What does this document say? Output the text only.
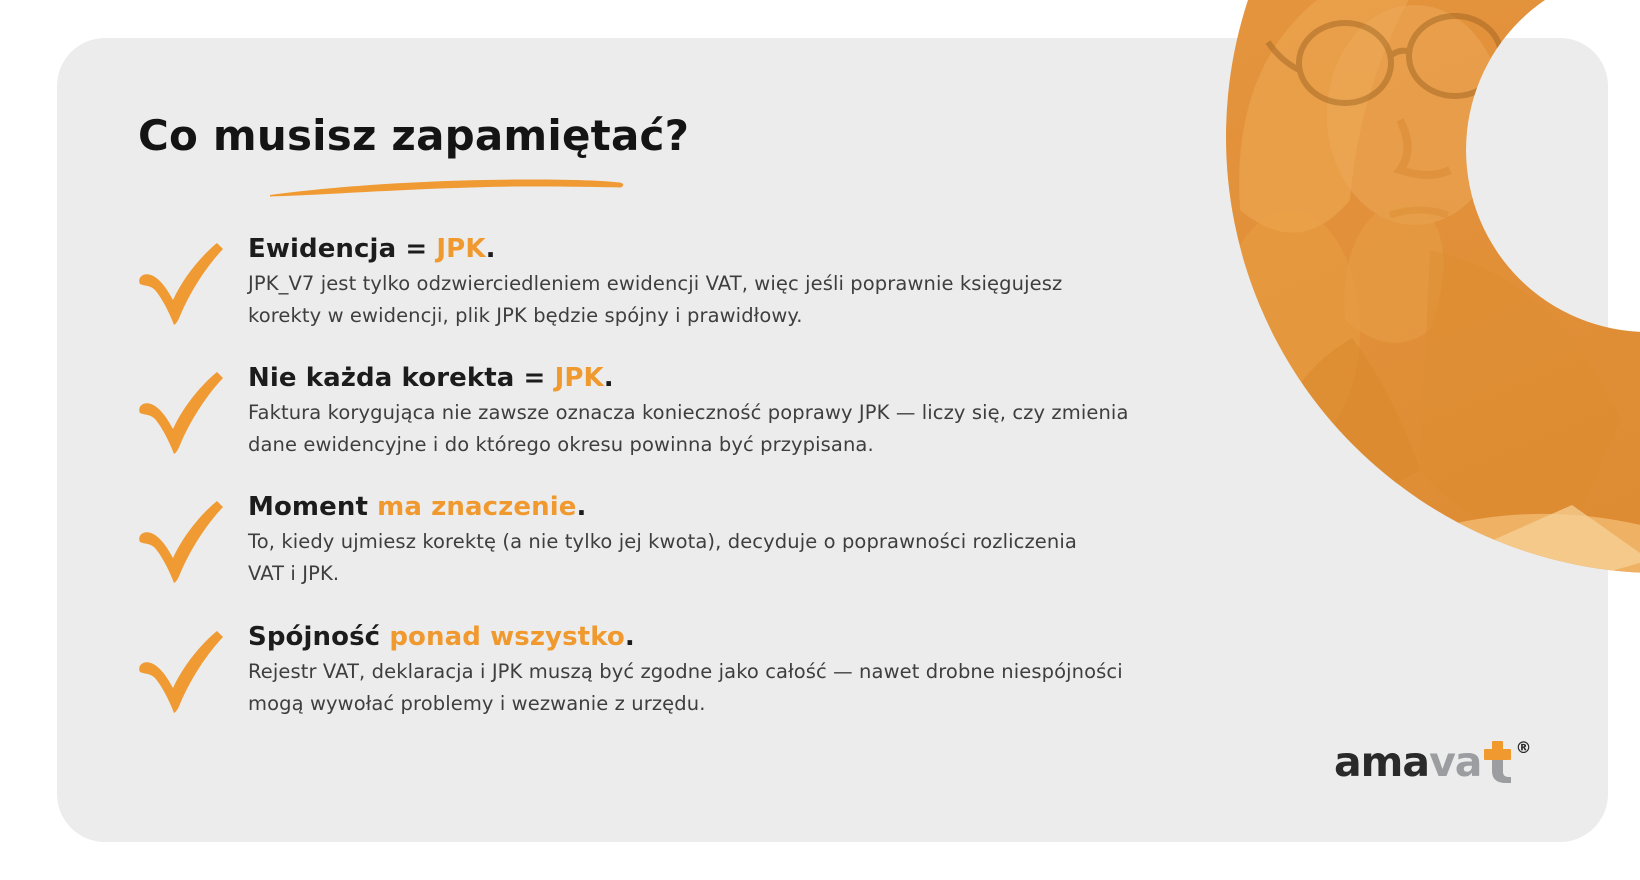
Co musisz zapamiętać?
Ewidencja = JPK.
JPK_V7 jest tylko odzwierciedleniem ewidencji VAT, więc jeśli poprawnie księgujesz
korekty w ewidencji, plik JPK będzie spójny i prawidłowy.
Nie każda korekta = JPK.
Faktura korygująca nie zawsze oznacza konieczność poprawy JPK — liczy się, czy zmienia
dane ewidencyjne i do którego okresu powinna być przypisana.
Moment ma znaczenie.
To, kiedy ujmiesz korektę (a nie tylko jej kwota), decyduje o poprawności rozliczenia
VAT i JPK.
Spójność ponad wszystko.
Rejestr VAT, deklaracja i JPK muszą być zgodne jako całość — nawet drobne niespójności
mogą wywołać problemy i wezwanie z urzędu.
ama va ®
